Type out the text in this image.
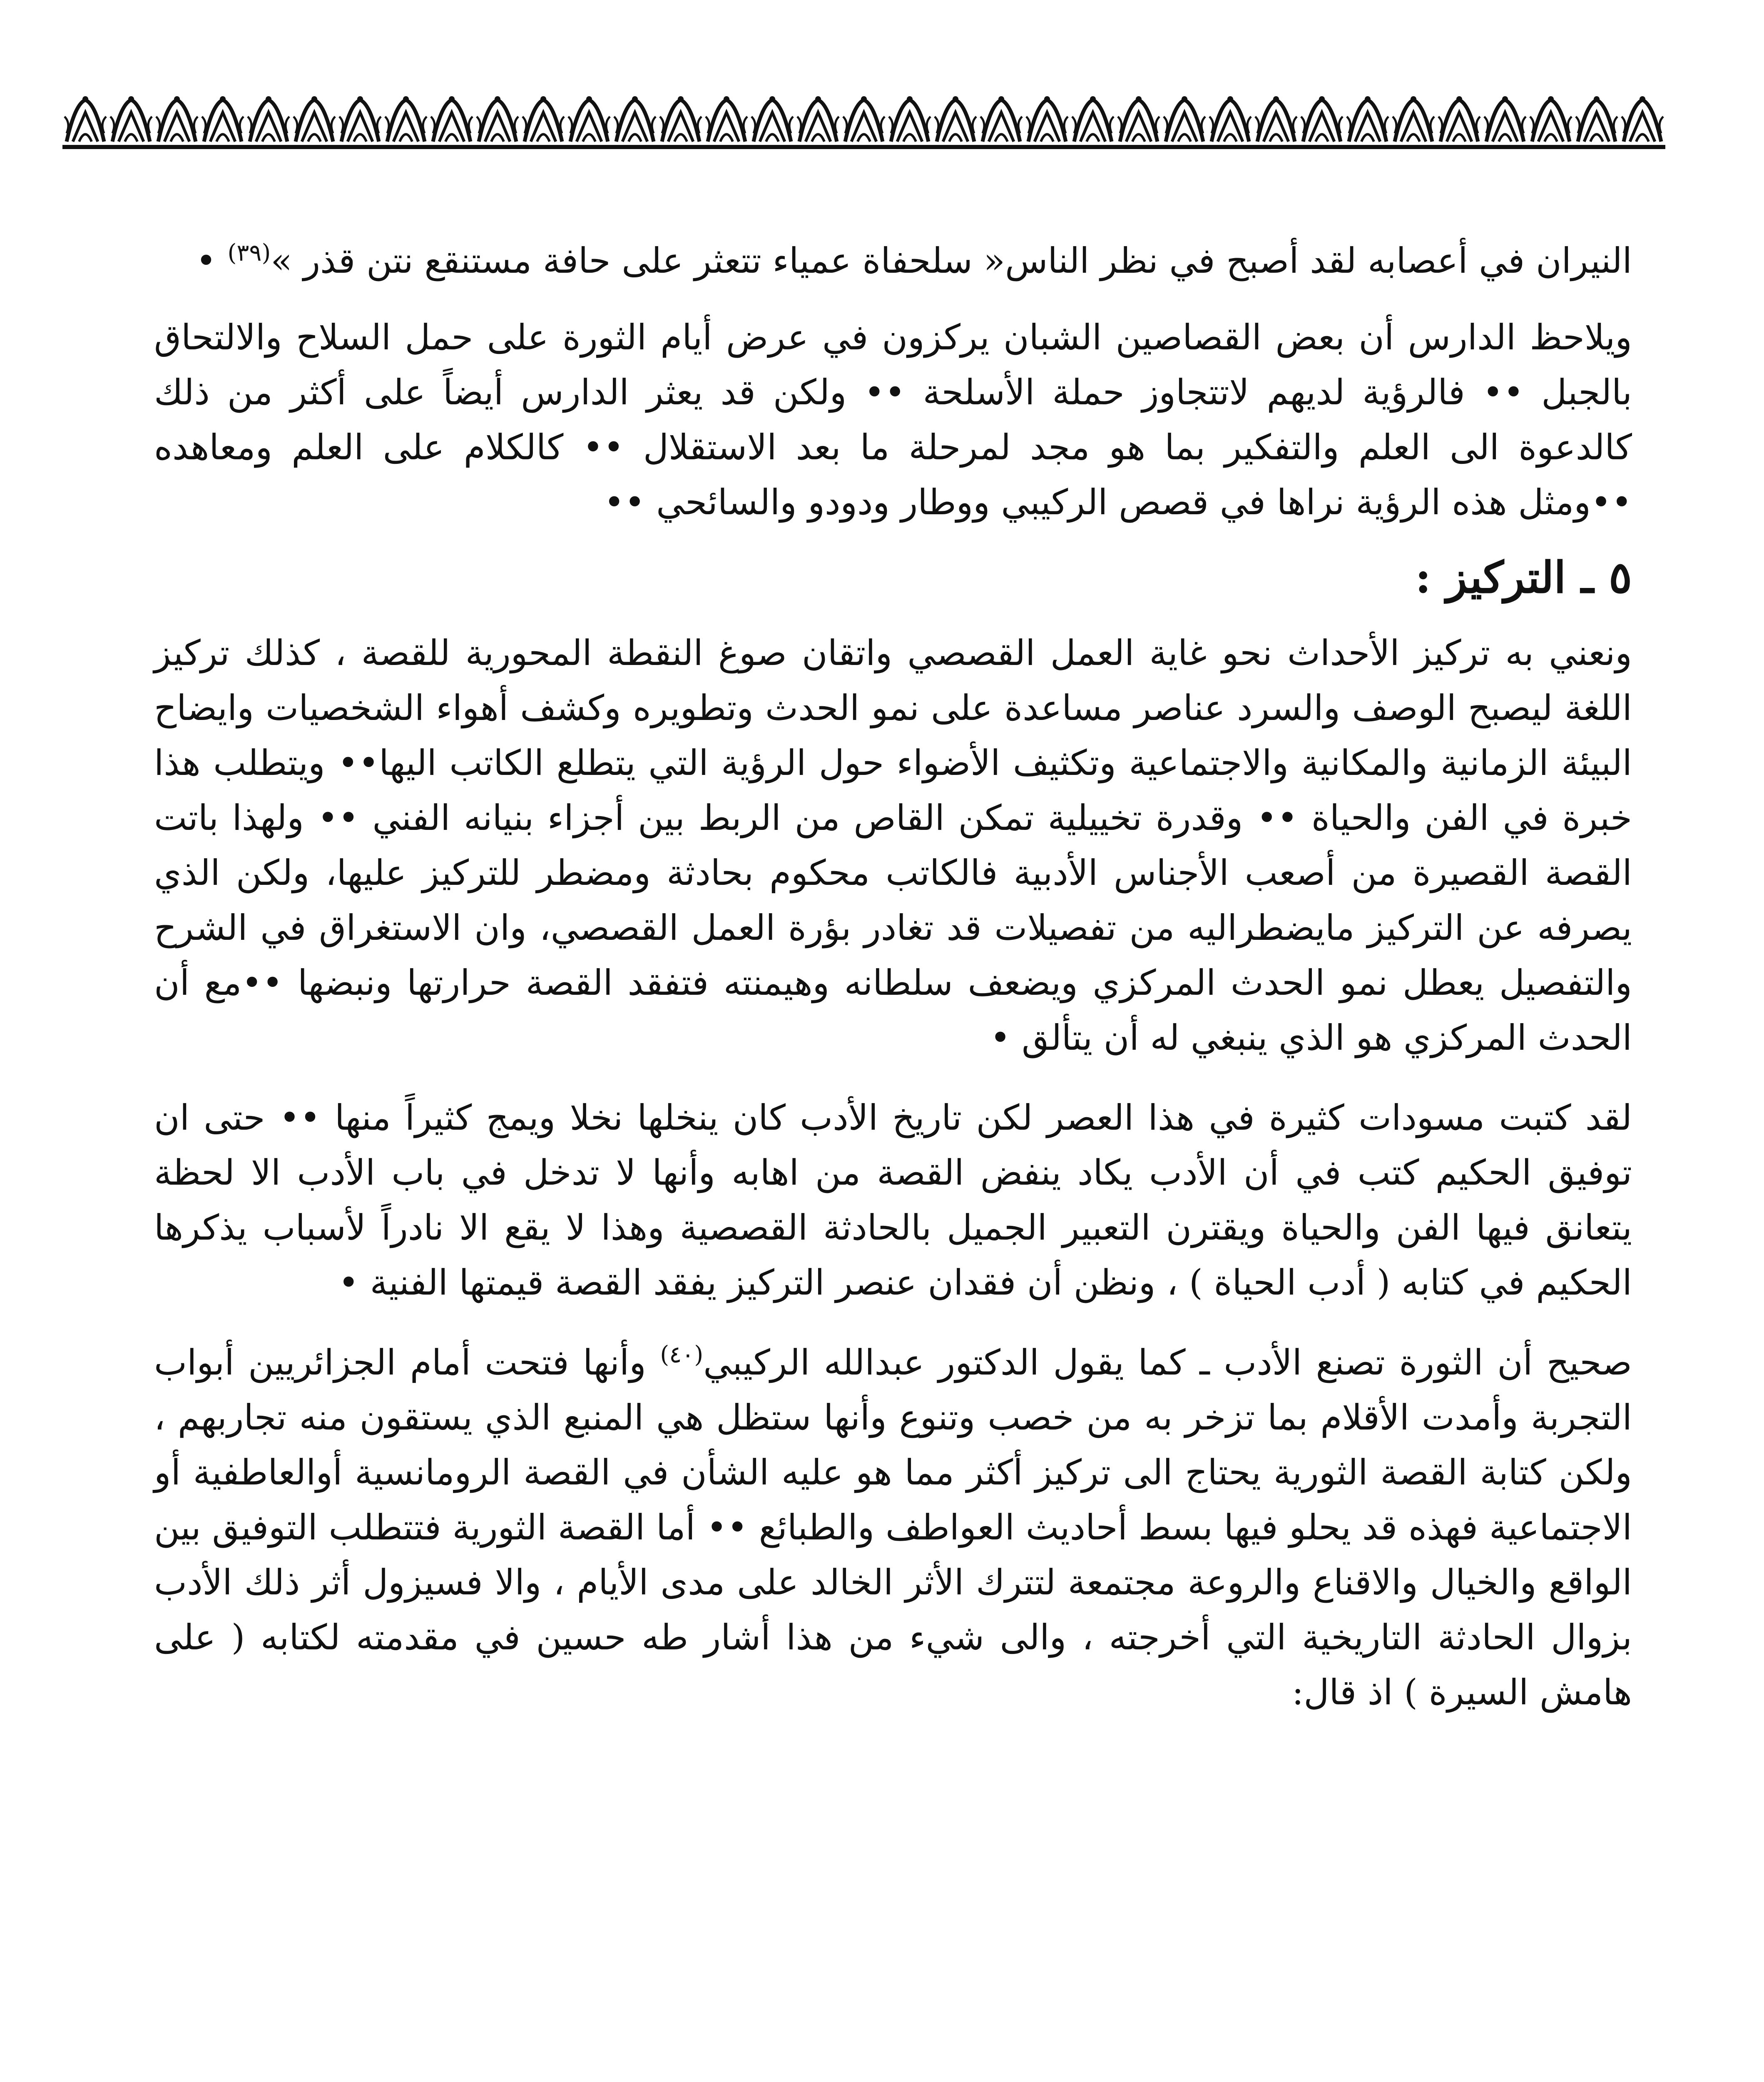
النيران في أعصابه لقد أصبح في نظر الناس« سلحفاة عمياء تتعثر على حافة مستنقع نتن قذر »$^{(٣٩)}$ •

ويلاحظ الدارس أن بعض القصاصين الشبان يركزون في عرض أيام الثورة على حمل السلاح والالتحاق بالجبل •• فالرؤية لديهم لاتتجاوز حملة الأسلحة •• ولكن قد يعثر الدارس أيضاً على أكثر من ذلك كالدعوة الى العلم والتفكير بما هو مجد لمرحلة ما بعد الاستقلال •• كالكلام على العلم ومعاهده ••ومثل هذه الرؤية نراها في قصص الركيبي ووطار ودودو والسائحي ••

٥ ـ التركيز :

ونعني به تركيز الأحداث نحو غاية العمل القصصي واتقان صوغ النقطة المحورية للقصة ، كذلك تركيز اللغة ليصبح الوصف والسرد عناصر مساعدة على نمو الحدث وتطويره وكشف أهواء الشخصيات وايضاح البيئة الزمانية والمكانية والاجتماعية وتكثيف الأضواء حول الرؤية التي يتطلع الكاتب اليها•• ويتطلب هذا خبرة في الفن والحياة •• وقدرة تخييلية تمكن القاص من الربط بين أجزاء بنيانه الفني •• ولهذا باتت القصة القصيرة من أصعب الأجناس الأدبية فالكاتب محكوم بحادثة ومضطر للتركيز عليها، ولكن الذي يصرفه عن التركيز مايضطراليه من تفصيلات قد تغادر بؤرة العمل القصصي، وان الاستغراق في الشرح والتفصيل يعطل نمو الحدث المركزي ويضعف سلطانه وهيمنته فتفقد القصة حرارتها ونبضها ••مع أن الحدث المركزي هو الذي ينبغي له أن يتألق •

لقد كتبت مسودات كثيرة في هذا العصر لكن تاريخ الأدب كان ينخلها نخلا ويمج كثيراً منها •• حتى ان توفيق الحكيم كتب في أن الأدب يكاد ينفض القصة من اهابه وأنها لا تدخل في باب الأدب الا لحظة يتعانق فيها الفن والحياة ويقترن التعبير الجميل بالحادثة القصصية وهذا لا يقع الا نادراً لأسباب يذكرها الحكيم في كتابه ( أدب الحياة ) ، ونظن أن فقدان عنصر التركيز يفقد القصة قيمتها الفنية •

صحيح أن الثورة تصنع الأدب ـ كما يقول الدكتور عبدالله الركيبي$^{(٤٠)}$ وأنها فتحت أمام الجزائريين أبواب التجربة وأمدت الأقلام بما تزخر به من خصب وتنوع وأنها ستظل هي المنبع الذي يستقون منه تجاربهم ، ولكن كتابة القصة الثورية يحتاج الى تركيز أكثر مما هو عليه الشأن في القصة الرومانسية أوالعاطفية أو الاجتماعية فهذه قد يحلو فيها بسط أحاديث العواطف والطبائع •• أما القصة الثورية فتتطلب التوفيق بين الواقع والخيال والاقناع والروعة مجتمعة لتترك الأثر الخالد على مدى الأيام ، والا فسيزول أثر ذلك الأدب بزوال الحادثة التاريخية التي أخرجته ، والى شيء من هذا أشار طه حسين في مقدمته لكتابه ( على هامش السيرة ) اذ قال:
